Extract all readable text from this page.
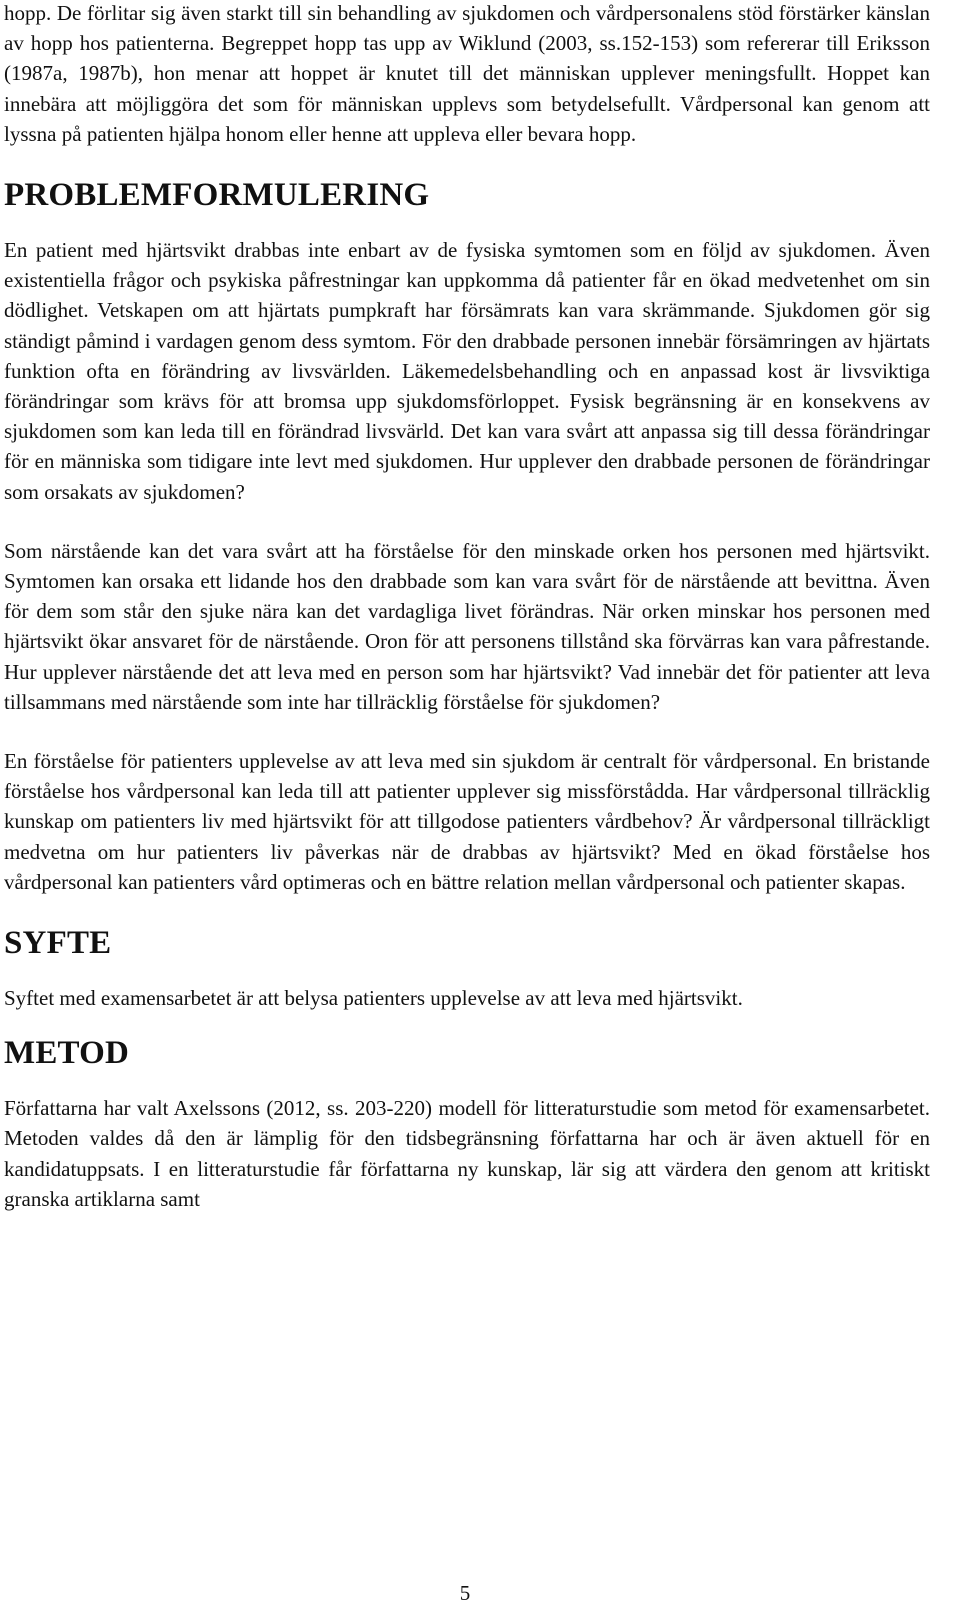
hopp. De förlitar sig även starkt till sin behandling av sjukdomen och vårdpersonalens stöd förstärker känslan av hopp hos patienterna. Begreppet hopp tas upp av Wiklund (2003, ss.152-153) som refererar till Eriksson (1987a, 1987b), hon menar att hoppet är knutet till det människan upplever meningsfullt. Hoppet kan innebära att möjliggöra det som för människan upplevs som betydelsefullt. Vårdpersonal kan genom att lyssna på patienten hjälpa honom eller henne att uppleva eller bevara hopp.

PROBLEMFORMULERING

En patient med hjärtsvikt drabbas inte enbart av de fysiska symtomen som en följd av sjukdomen. Även existentiella frågor och psykiska påfrestningar kan uppkomma då patienter får en ökad medvetenhet om sin dödlighet. Vetskapen om att hjärtats pumpkraft har försämrats kan vara skrämmande. Sjukdomen gör sig ständigt påmind i vardagen genom dess symtom. För den drabbade personen innebär försämringen av hjärtats funktion ofta en förändring av livsvärlden. Läkemedelsbehandling och en anpassad kost är livsviktiga förändringar som krävs för att bromsa upp sjukdomsförloppet. Fysisk begränsning är en konsekvens av sjukdomen som kan leda till en förändrad livsvärld. Det kan vara svårt att anpassa sig till dessa förändringar för en människa som tidigare inte levt med sjukdomen. Hur upplever den drabbade personen de förändringar som orsakats av sjukdomen?

Som närstående kan det vara svårt att ha förståelse för den minskade orken hos personen med hjärtsvikt. Symtomen kan orsaka ett lidande hos den drabbade som kan vara svårt för de närstående att bevittna. Även för dem som står den sjuke nära kan det vardagliga livet förändras. När orken minskar hos personen med hjärtsvikt ökar ansvaret för de närstående. Oron för att personens tillstånd ska förvärras kan vara påfrestande. Hur upplever närstående det att leva med en person som har hjärtsvikt? Vad innebär det för patienter att leva tillsammans med närstående som inte har tillräcklig förståelse för sjukdomen?

En förståelse för patienters upplevelse av att leva med sin sjukdom är centralt för vårdpersonal. En bristande förståelse hos vårdpersonal kan leda till att patienter upplever sig missförstådda. Har vårdpersonal tillräcklig kunskap om patienters liv med hjärtsvikt för att tillgodose patienters vårdbehov? Är vårdpersonal tillräckligt medvetna om hur patienters liv påverkas när de drabbas av hjärtsvikt? Med en ökad förståelse hos vårdpersonal kan patienters vård optimeras och en bättre relation mellan vårdpersonal och patienter skapas.

SYFTE

Syftet med examensarbetet är att belysa patienters upplevelse av att leva med hjärtsvikt.

METOD

Författarna har valt Axelssons (2012, ss. 203-220) modell för litteraturstudie som metod för examensarbetet. Metoden valdes då den är lämplig för den tidsbegränsning författarna har och är även aktuell för en kandidatuppsats. I en litteraturstudie får författarna ny kunskap, lär sig att värdera den genom att kritiskt granska artiklarna samt

5
